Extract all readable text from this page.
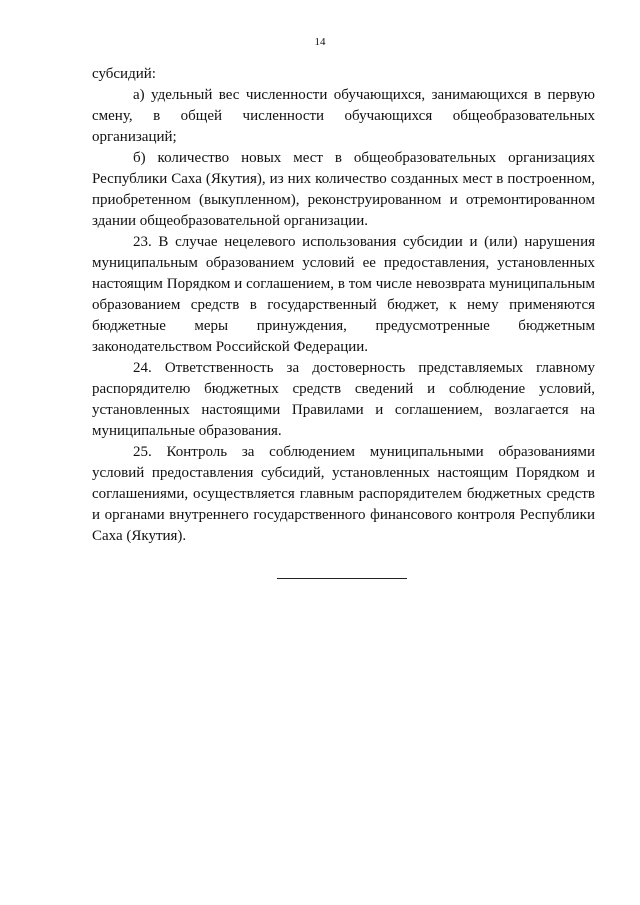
14

субсидий:

а) удельный вес численности обучающихся, занимающихся в первую смену, в общей численности обучающихся общеобразовательных организаций;

б) количество новых мест в общеобразовательных организациях Республики Саха (Якутия), из них количество созданных мест в построенном, приобретенном (выкупленном), реконструированном и отремонтированном здании общеобразовательной организации.

23. В случае нецелевого использования субсидии и (или) нарушения муниципальным образованием условий ее предоставления, установленных настоящим Порядком и соглашением, в том числе невозврата муниципальным образованием средств в государственный бюджет, к нему применяются бюджетные меры принуждения, предусмотренные бюджетным законодательством Российской Федерации.

24. Ответственность за достоверность представляемых главному распорядителю бюджетных средств сведений и соблюдение условий, установленных настоящими Правилами и соглашением, возлагается на муниципальные образования.

25. Контроль за соблюдением муниципальными образованиями условий предоставления субсидий, установленных настоящим Порядком и соглашениями, осуществляется главным распорядителем бюджетных средств и органами внутреннего государственного финансового контроля Республики Саха (Якутия).
